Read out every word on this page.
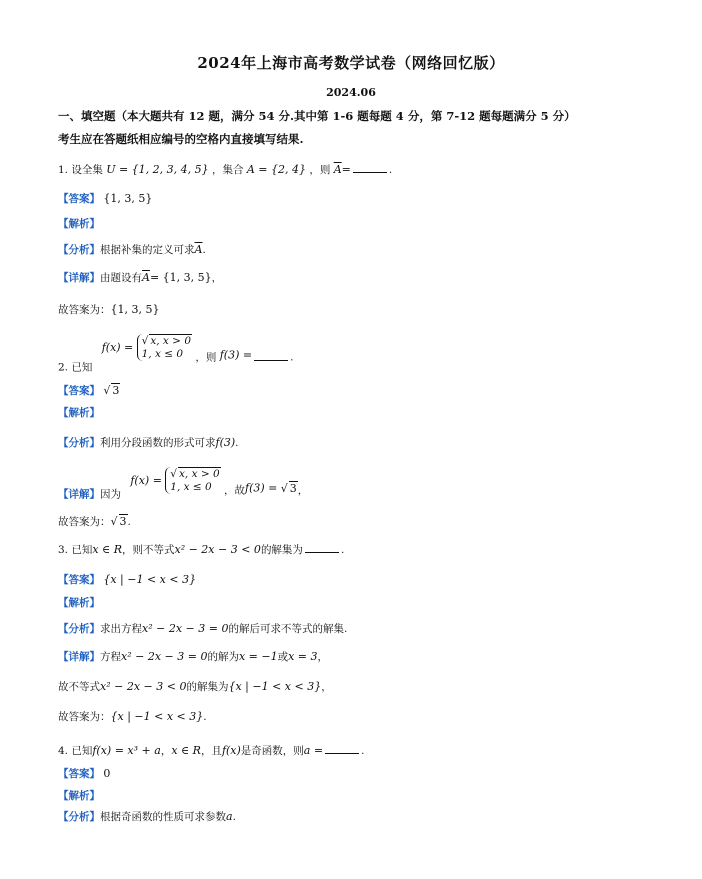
2024年上海市高考数学试卷（网络回忆版）
2024.06
一、填空题（本大题共有 12 题，满分 54 分.其中第 1-6 题每题 4 分，第 7-12 题每题满分 5 分）
考生应在答题纸相应编号的空格内直接填写结果.
1. 设全集 U = {1, 2, 3, 4, 5} ，集合 A = {2, 4} ，则 $\overline{A}=$	.
【答案】 {1, 3, 5}
【解析】
【分析】根据补集的定义可求$\overline{A}$.
【详解】由题设有$\overline{A}= \{1$, 3, 5}，
故答案为：{1, 3, 5}
2. 已知 f(x) = √ x, x > 0
1, x ≤ 0 ，则 f(3) =	.
【答案】 √ 3
【解析】
【分析】利用分段函数的形式可求f(3).
【详解】因为 f(x) = √ x, x > 0
1, x ≤ 0 ，故f(3) = √ 3，
故答案为：√ 3.
3. 已知x ∈ R，则不等式x² − 2x − 3 < 0的解集为	.
【答案】 {x | −1 < x < 3}
【解析】
【分析】求出方程x² − 2x − 3 = 0的解后可求不等式的解集.
【详解】方程x² − 2x − 3 = 0的解为x = −1或x = 3，
故不等式x² − 2x − 3 < 0的解集为{x | −1 < x < 3}，
故答案为：{x | −1 < x < 3}.
4. 已知f(x) = x³ + a，x ∈ R，且f(x)是奇函数，则a =	.
【答案】 0
【解析】
【分析】根据奇函数的性质可求参数a.
